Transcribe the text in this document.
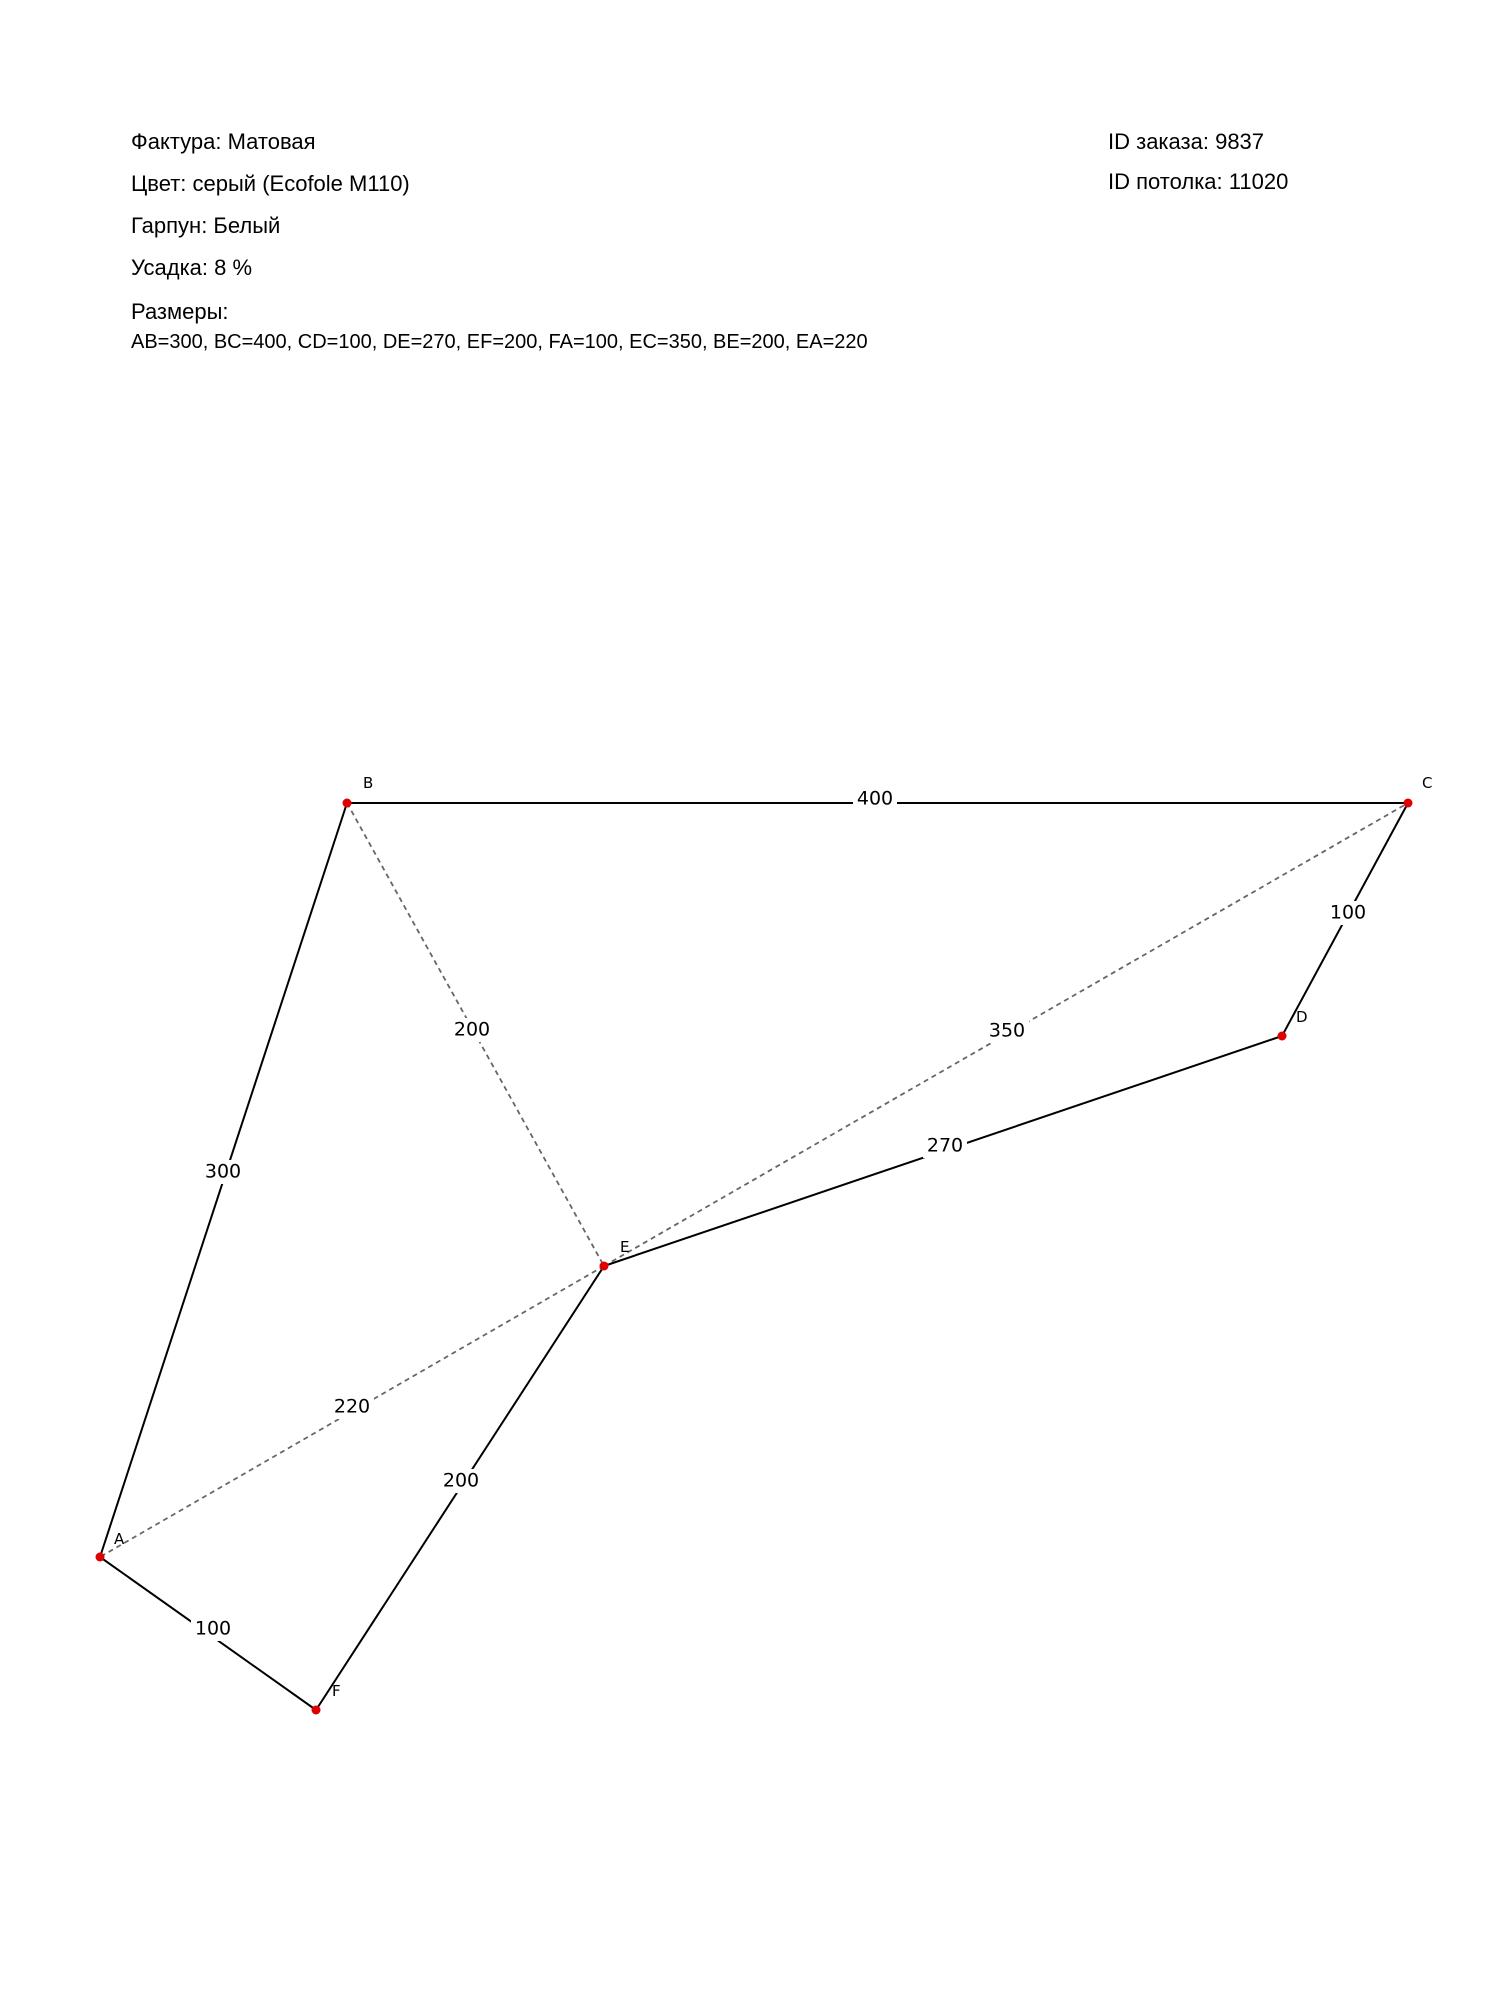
Фактура: Матовая
Цвет: серый (Ecofole M110)
Гарпун: Белый
Усадка: 8 %
Размеры:
AB=300, BC=400, CD=100, DE=270, EF=200, FA=100, EC=350, BE=200, EA=220
ID заказа: 9837
ID потолка: 11020
300
400
100
270
200
100
350
200
220
A
B	C
D
E
F
